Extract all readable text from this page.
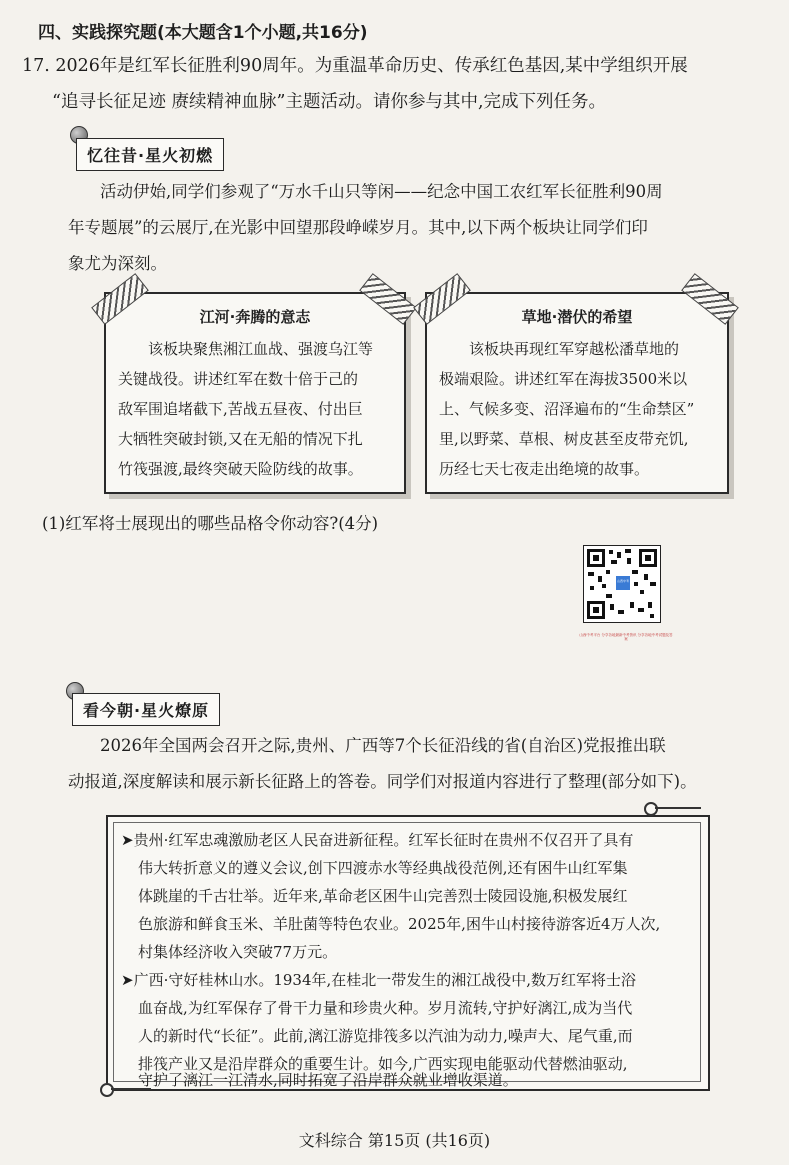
四、实践探究题(本大题含1个小题,共16分)
17. 2026年是红军长征胜利90周年。为重温革命历史、传承红色基因,某中学组织开展
“追寻长征足迹 赓续精神血脉”主题活动。请你参与其中,完成下列任务。
忆往昔·星火初燃
活动伊始,同学们参观了“万水千山只等闲——纪念中国工农红军长征胜利90周
年专题展”的云展厅,在光影中回望那段峥嵘岁月。其中,以下两个板块让同学们印
象尤为深刻。
江河·奔腾的意志
该板块聚焦湘江血战、强渡乌江等
关键战役。讲述红军在数十倍于己的
敌军围追堵截下,苦战五昼夜、付出巨
大牺牲突破封锁,又在无船的情况下扎
竹筏强渡,最终突破天险防线的故事。
草地·潜伏的希望
该板块再现红军穿越松潘草地的
极端艰险。讲述红军在海拔3500米以
上、气候多变、沼泽遍布的“生命禁区”
里,以野菜、草根、树皮甚至皮带充饥,
历经七天七夜走出绝境的故事。
(1)红军将士展现出的哪些品格令你动容?(4分)
山西中考
山西中考平台 分享各地最新中考资讯 分享各地中考试题及答案
看今朝·星火燎原
2026年全国两会召开之际,贵州、广西等7个长征沿线的省(自治区)党报推出联
动报道,深度解读和展示新长征路上的答卷。同学们对报道内容进行了整理(部分如下)。
➤贵州·红军忠魂激励老区人民奋进新征程。红军长征时在贵州不仅召开了具有
伟大转折意义的遵义会议,创下四渡赤水等经典战役范例,还有困牛山红军集
体跳崖的千古壮举。近年来,革命老区困牛山完善烈士陵园设施,积极发展红
色旅游和鲜食玉米、羊肚菌等特色农业。2025年,困牛山村接待游客近4万人次,
村集体经济收入突破77万元。
➤广西·守好桂林山水。1934年,在桂北一带发生的湘江战役中,数万红军将士浴
血奋战,为红军保存了骨干力量和珍贵火种。岁月流转,守护好漓江,成为当代
人的新时代“长征”。此前,漓江游览排筏多以汽油为动力,噪声大、尾气重,而
排筏产业又是沿岸群众的重要生计。如今,广西实现电能驱动代替燃油驱动,
守护了漓江一江清水,同时拓宽了沿岸群众就业增收渠道。
文科综合 第15页 (共16页)
